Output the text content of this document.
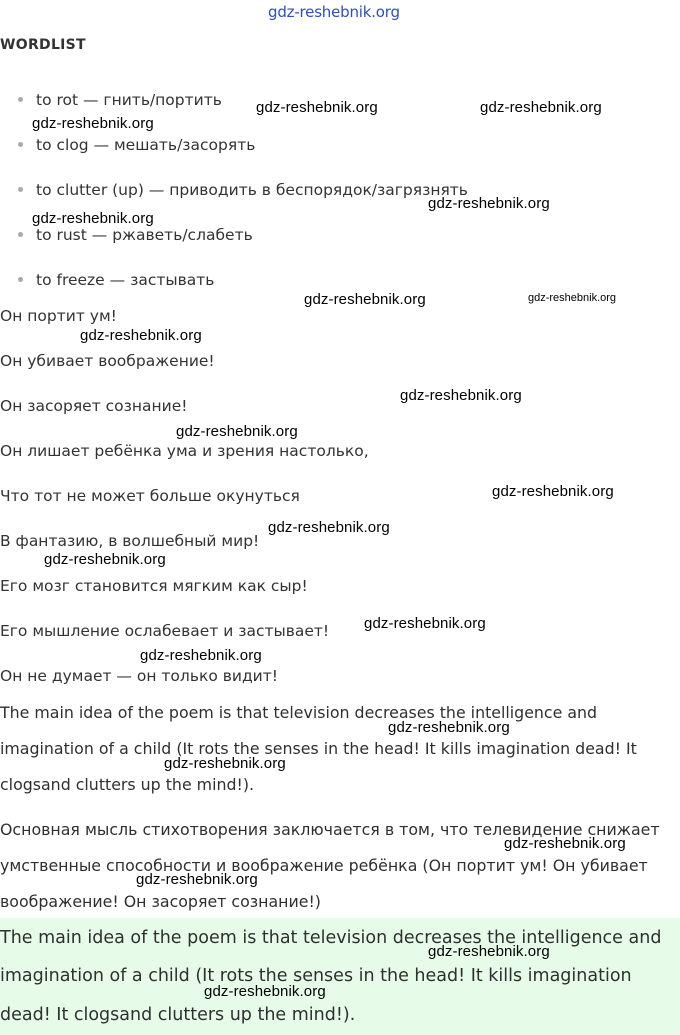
gdz-reshebnik.org
WORDLIST
to rot — гнить/портить
to clog — мешать/засорять
to clutter (up) — приводить в беспорядок/загрязнять
to rust — ржаветь/слабеть
to freeze — застывать
Он портит ум!
Он убивает воображение!
Он засоряет сознание!
Он лишает ребёнка ума и зрения настолько,
Что тот не может больше окунуться
В фантазию, в волшебный мир!
Его мозг становится мягким как сыр!
Его мышление ослабевает и застывает!
Он не думает — он только видит!
The main idea of the poem is that television decreases the intelligence and
imagination of a child (It rots the senses in the head! It kills imagination dead! It
clogsand clutters up the mind!).
Основная мысль стихотворения заключается в том, что телевидение снижает
умственные способности и воображение ребёнка (Он портит ум! Он убивает
воображение! Он засоряет сознание!)
The main idea of the poem is that television decreases the intelligence and
imagination of a child (It rots the senses in the head! It kills imagination
dead! It clogsand clutters up the mind!).
gdz-reshebnik.org	gdz-reshebnik.org
gdz-reshebnik.org
gdz-reshebnik.org
gdz-reshebnik.org
gdz-reshebnik.org	gdz-reshebnik.org
gdz-reshebnik.org
gdz-reshebnik.org
gdz-reshebnik.org
gdz-reshebnik.org
gdz-reshebnik.org
gdz-reshebnik.org
gdz-reshebnik.org
gdz-reshebnik.org
gdz-reshebnik.org
gdz-reshebnik.org
gdz-reshebnik.org
gdz-reshebnik.org
gdz-reshebnik.org
gdz-reshebnik.org
